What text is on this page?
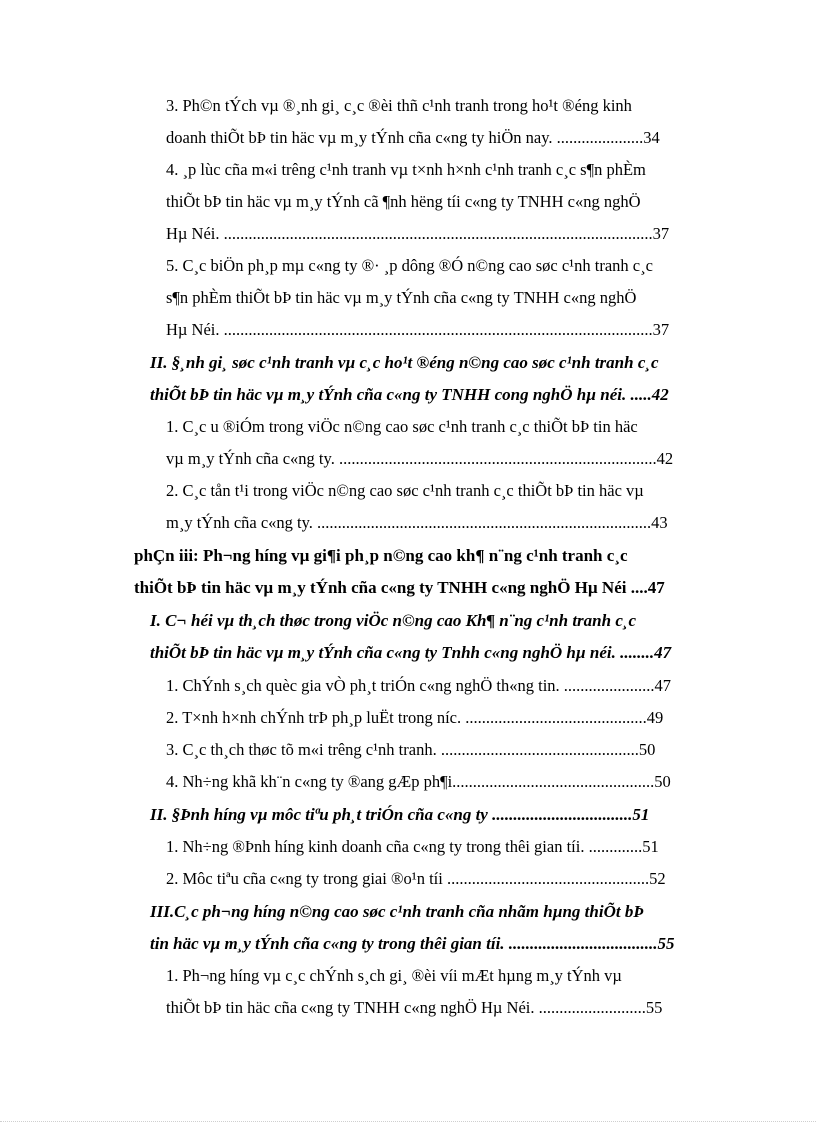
3. Ph©n tÝch vµ ®¸nh gi¸ c¸c ®èi thñ c¹nh tranh trong ho¹t ®éng kinh
doanh thiÕt bÞ tin häc vµ m¸y tÝnh cña c«ng ty hiÖn nay. .....................34
4. ¸p lùc cña m«i trêng c¹nh tranh vµ t×nh h×nh c¹nh tranh c¸c s¶n phÈm
thiÕt bÞ tin häc vµ m¸y tÝnh cã ¶nh hëng tíi c«ng ty TNHH c«ng nghÖ
Hµ Néi. ........................................................................................................37
5. C¸c biÖn ph¸p mµ c«ng ty ®· ¸p dông ®Ó n©ng cao søc c¹nh tranh c¸c
s¶n phÈm thiÕt bÞ tin häc vµ m¸y tÝnh cña c«ng ty TNHH c«ng nghÖ
Hµ Néi. ........................................................................................................37
II. §¸nh gi¸ søc c¹nh tranh vµ c¸c ho¹t ®éng n©ng cao søc c¹nh tranh c¸c
thiÕt bÞ tin häc vµ m¸y tÝnh cña c«ng ty TNHH cong nghÖ hµ néi. .....42
1. C¸c u ®iÓm trong viÖc n©ng cao søc c¹nh tranh c¸c thiÕt bÞ tin häc
vµ m¸y tÝnh cña c«ng ty. .............................................................................42
2. C¸c tån t¹i trong viÖc n©ng cao søc c¹nh tranh c¸c thiÕt bÞ tin häc vµ
m¸y tÝnh cña c«ng ty. .................................................................................43
phÇn iii: Ph¬ng híng vµ gi¶i ph¸p n©ng cao kh¶ n¨ng c¹nh tranh c¸c
thiÕt bÞ tin häc vµ m¸y tÝnh cña c«ng ty TNHH c«ng nghÖ Hµ Néi ....47
I. C¬ héi vµ th¸ch thøc trong viÖc n©ng cao Kh¶ n¨ng c¹nh tranh c¸c
thiÕt bÞ tin häc vµ m¸y tÝnh cña c«ng ty Tnhh c«ng nghÖ hµ néi. ........47
1. ChÝnh s¸ch quèc gia vÒ ph¸t triÓn c«ng nghÖ th«ng tin. ......................47
2. T×nh h×nh chÝnh trÞ ph¸p luËt trong níc. ............................................49
3. C¸c th¸ch thøc tõ m«i trêng c¹nh tranh. ................................................50
4. Nh÷ng khã kh¨n c«ng ty ®ang gÆp ph¶i.................................................50
II. §Þnh híng vµ môc tiªu ph¸t triÓn cña c«ng ty .................................51
1. Nh÷ng ®Þnh híng kinh doanh cña c«ng ty trong thêi gian tíi. .............51
2. Môc tiªu cña c«ng ty trong giai ®o¹n tíi .................................................52
III.C¸c ph¬ng híng n©ng cao søc c¹nh tranh cña nhãm hµng thiÕt bÞ
tin häc vµ m¸y tÝnh cña c«ng ty trong thêi gian tíi. ...................................55
1. Ph¬ng híng vµ c¸c chÝnh s¸ch gi¸ ®èi víi mÆt hµng m¸y tÝnh vµ
thiÕt bÞ tin häc cña c«ng ty TNHH c«ng nghÖ Hµ Néi. ..........................55
